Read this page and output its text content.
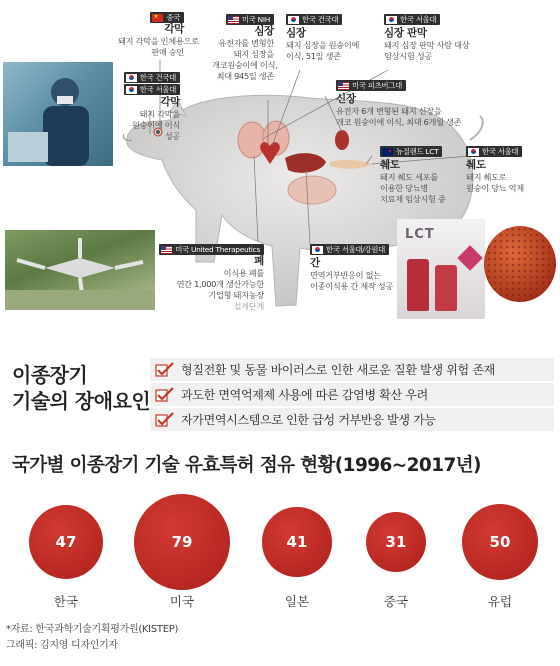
LCT
★
중국
각막
돼지 각막을 인체용으로
판매 승인
한국 건국대
한국 서울대
각막
돼지 각막을
원숭이에 이식
성공
미국 NIH
심장
유전자를 변형한
돼지 심장을
개코원숭이에 이식,
최대 945일 생존
한국 건국대
심장
돼지 심장을 원숭이에
이식, 51일 생존
한국 서울대
심장 판막
돼지 심장 판막 사람 대상
임상시험 성공
미국 피츠버그대
신장
유전자 6개 변형된 돼지 신장을
개코 원숭이에 이식, 최대 6개월 생존
✦
뉴질랜드 LCT
췌도
돼지 췌도 세포를
이용한 당뇨병
치료제 임상시험 중
한국 서울대
췌도
돼지 췌도로
원숭이 당뇨 억제
미국 United Therapeutics
폐
이식용 폐를
연간 1,000개 생산가능한
기업형 돼지농장
설계단계
한국 서울대/강원대
간
면역거부반응이 없는
이종이식용 간 제작 성공
이종장기
기술의 장애요인
형질전환 및 동물 바이러스로 인한 새로운 질환 발생 위험 존재
과도한 면역억제제 사용에 따른 감염병 확산 우려
자가면역시스템으로 인한 급성 거부반응 발생 가능
국가별 이종장기 기술 유효특허 점유 현황(1996~2017년)
47
한국
79
미국
41
일본
31
중국
50
유럽
*자료: 한국과학기술기획평가원(KISTEP)
그래픽: 김지영 디자인기자
